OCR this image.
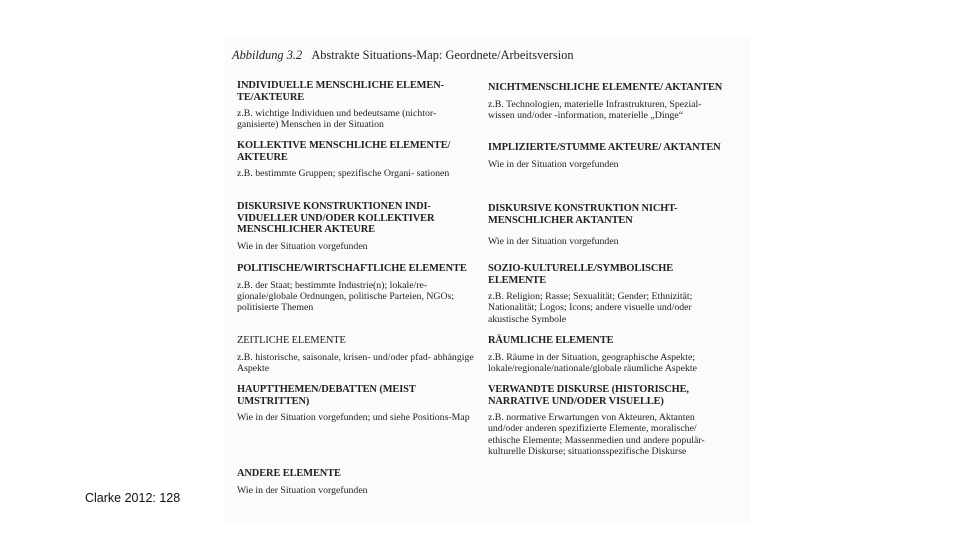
Abbildung 3.2 Abstrakte Situations-Map: Geordnete/Arbeitsversion
INDIVIDUELLE MENSCHLICHE ELEMEN- TE/AKTEURE
z.B. wichtige Individuen und bedeutsame (nichtor- ganisierte) Menschen in der Situation
KOLLEKTIVE MENSCHLICHE ELEMENTE/ AKTEURE
z.B. bestimmte Gruppen; spezifische Organi- sationen
DISKURSIVE KONSTRUKTIONEN INDI- VIDUELLER UND/ODER KOLLEKTIVER MENSCHLICHER AKTEURE
Wie in der Situation vorgefunden
POLITISCHE/WIRTSCHAFTLICHE ELEMENTE
z.B. der Staat; bestimmte Industrie(n); lokale/re- gionale/globale Ordnungen, politische Parteien, NGOs; politisierte Themen
ZEITLICHE ELEMENTE
z.B. historische, saisonale, krisen- und/oder pfad- abhängige Aspekte
HAUPTTHEMEN/DEBATTEN (MEIST UMSTRITTEN)
Wie in der Situation vorgefunden; und siehe Positions-Map
ANDERE ELEMENTE
Wie in der Situation vorgefunden
NICHTMENSCHLICHE ELEMENTE/ AKTANTEN
z.B. Technologien, materielle Infrastrukturen, Spezial- wissen und/oder -information, materielle „Dinge“
IMPLIZIERTE/STUMME AKTEURE/ AKTANTEN
Wie in der Situation vorgefunden
DISKURSIVE KONSTRUKTION NICHT- MENSCHLICHER AKTANTEN
Wie in der Situation vorgefunden
SOZIO-KULTURELLE/SYMBOLISCHE ELEMENTE
z.B. Religion; Rasse; Sexualität; Gender; Ethnizität; Nationalität; Logos; Icons; andere visuelle und/oder akustische Symbole
RÄUMLICHE ELEMENTE
z.B. Räume in der Situation, geographische Aspekte; lokale/regionale/nationale/globale räumliche Aspekte
VERWANDTE DISKURSE (HISTORISCHE, NARRATIVE UND/ODER VISUELLE)
z.B. normative Erwartungen von Akteuren, Aktanten und/oder anderen spezifizierte Elemente, moralische/ ethische Elemente; Massenmedien und andere populär- kulturelle Diskurse; situationsspezifische Diskurse
Clarke 2012: 128
